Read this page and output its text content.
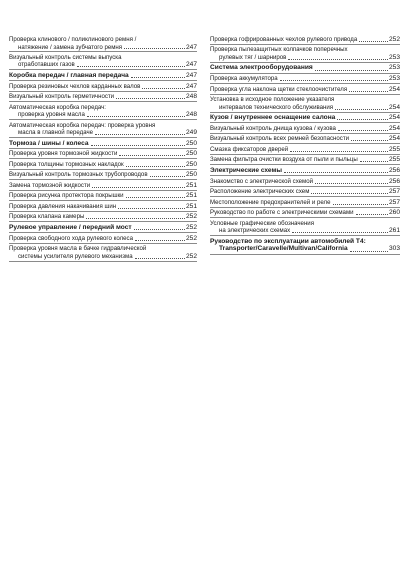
Проверка клинового / поликлинового ремня /
натяжение / замена зубчатого ремня	247
Визуальный контроль системы выпуска
отработавших газов	247
Коробка передач / главная передача	247
Проверка резиновых чехлов карданных валов	247
Визуальный контроль герметичности	248
Автоматическая коробка передач:
проверка уровня масла	248
Автоматическая коробка передач: проверка уровня
масла в главной передаче	249
Тормоза / шины / колеса	250
Проверка уровня тормозной жидкости	250
Проверка толщины тормозных накладок	250
Визуальный контроль тормозных трубопроводов	250
Замена тормозной жидкости	251
Проверка рисунка протектора покрышки	251
Проверка давления накачивания шин	251
Проверка клапана камеры	252
Рулевое управление / передний мост	252
Проверка свободного хода рулевого колеса	252
Проверка уровня масла в бачке гидравлической
системы усилителя рулевого механизма	252
Проверка гофрированных чехлов рулевого привода	252
Проверка пылезащитных колпачков поперечных
рулевых тяг / шарниров	253
Система электрооборудования	253
Проверка аккумулятора	253
Проверка угла наклона щетки стеклоочистителя	254
Установка в исходное положение указателя
интервалов технического обслуживания	254
Кузов / внутреннее оснащение салона	254
Визуальный контроль днища кузова / кузова	254
Визуальный контроль всех ремней безопасности	254
Смазка фиксаторов дверей	255
Замена фильтра очистки воздуха от пыли и пыльцы	255
Электрические схемы	256
Знакомство с электрической схемой	256
Расположение электрических схем	257
Местоположение предохранителей и реле	257
Руководство по работе с электрическими схемами	260
Условные графические обозначения
на электрических схемах	261
Руководство по эксплуатации автомобилей T4:
Transporter/Caravelle/Multivan/California	303
